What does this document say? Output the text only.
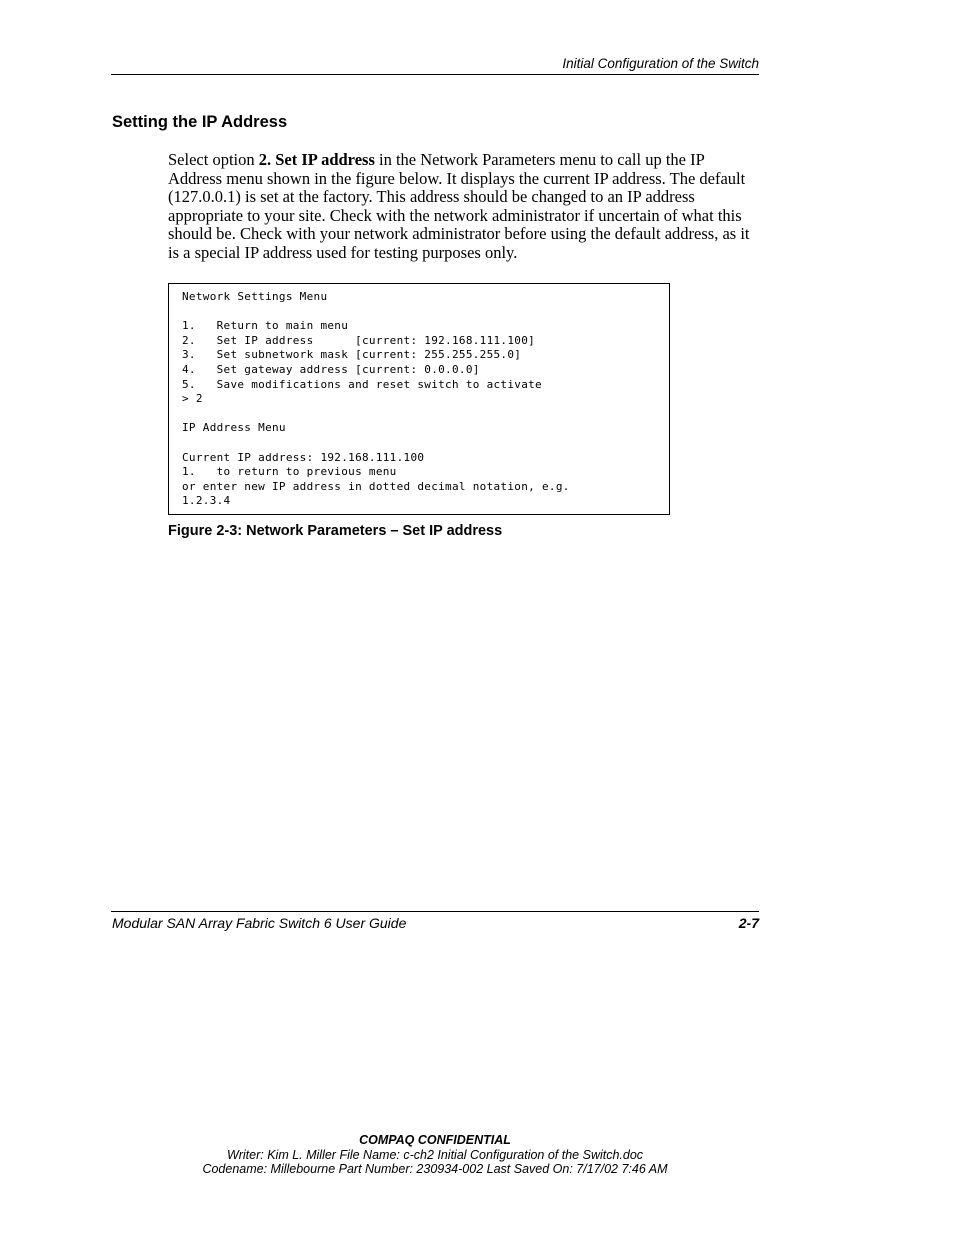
Initial Configuration of the Switch
Setting the IP Address

Select option 2. Set IP address in the Network Parameters menu to call up the IP Address menu shown in the figure below. It displays the current IP address. The default (127.0.0.1) is set at the factory. This address should be changed to an IP address appropriate to your site. Check with the network administrator if uncertain of what this should be. Check with your network administrator before using the default address, as it is a special IP address used for testing purposes only.

Network Settings Menu

1.   Return to main menu
2.   Set IP address      [current: 192.168.111.100]
3.   Set subnetwork mask [current: 255.255.255.0]
4.   Set gateway address [current: 0.0.0.0]
5.   Save modifications and reset switch to activate
> 2

IP Address Menu

Current IP address: 192.168.111.100
1.   to return to previous menu
or enter new IP address in dotted decimal notation, e.g.
1.2.3.4

Figure 2-3: Network Parameters – Set IP address
Modular SAN Array Fabric Switch 6 User Guide	2-7
COMPAQ CONFIDENTIAL
Writer: Kim L. Miller File Name: c-ch2 Initial Configuration of the Switch.doc
Codename: Millebourne Part Number: 230934-002 Last Saved On: 7/17/02 7:46 AM
